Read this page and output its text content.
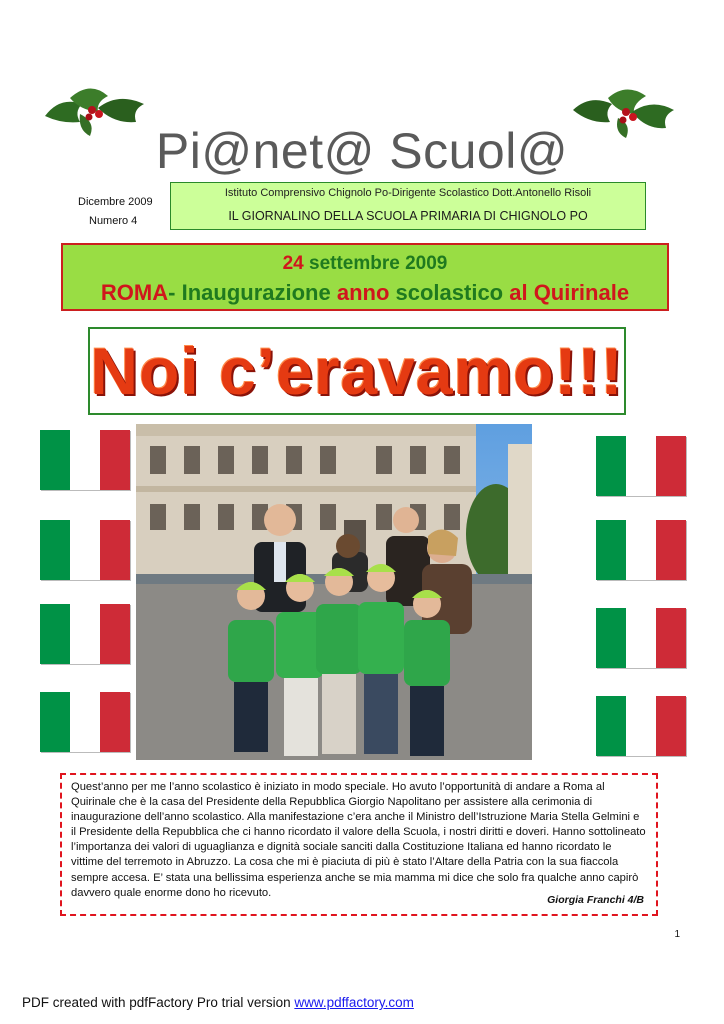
Pi@net@ Scuol@
Dicembre 2009
Numero 4
Istituto Comprensivo Chignolo Po-Dirigente Scolastico Dott.Antonello Risoli
IL GIORNALINO DELLA SCUOLA PRIMARIA DI CHIGNOLO PO
24 settembre 2009
ROMA- Inaugurazione anno scolastico al Quirinale
Noi c’eravamo!!!

Quest’anno per me l’anno scolastico è iniziato in modo speciale. Ho avuto l’opportunità di andare a Roma al Quirinale che è la casa del Presidente della Repubblica Giorgio Napolitano per assistere alla cerimonia di inaugurazione dell’anno scolastico. Alla manifestazione c’era anche il Ministro dell’Istruzione Maria Stella Gelmini e il Presidente della Repubblica che ci hanno ricordato il valore della Scuola, i nostri diritti e doveri. Hanno sottolineato l’importanza dei valori di uguaglianza e dignità sociale sanciti dalla Costituzione Italiana ed hanno ricordato le vittime del terremoto in Abruzzo. La cosa che mi è piaciuta di più è stato l’Altare della Patria con la sua fiaccola sempre accesa. E’ stata una bellissima esperienza anche se mia mamma mi dice che solo fra qualche anno capirò davvero quale enorme dono ho ricevuto.

Giorgia Franchi 4/B
1
PDF created with pdfFactory Pro trial version www.pdffactory.com
